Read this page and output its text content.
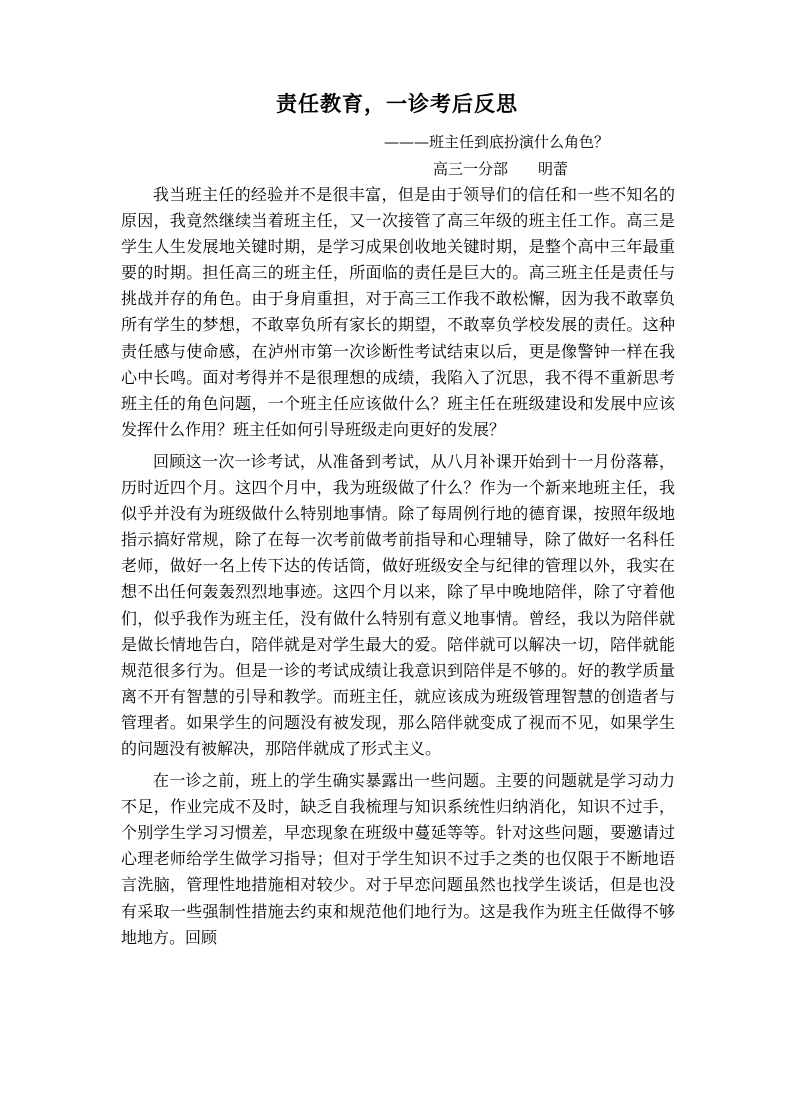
责任教育，一诊考后反思

———班主任到底扮演什么角色？

高三一分部 明蕾

我当班主任的经验并不是很丰富，但是由于领导们的信任和一些不知名的原因，我竟然继续当着班主任，又一次接管了高三年级的班主任工作。高三是学生人生发展地关键时期，是学习成果创收地关键时期，是整个高中三年最重要的时期。担任高三的班主任，所面临的责任是巨大的。高三班主任是责任与挑战并存的角色。由于身肩重担，对于高三工作我不敢松懈，因为我不敢辜负所有学生的梦想，不敢辜负所有家长的期望，不敢辜负学校发展的责任。这种责任感与使命感，在泸州市第一次诊断性考试结束以后，更是像警钟一样在我心中长鸣。面对考得并不是很理想的成绩，我陷入了沉思，我不得不重新思考班主任的角色问题，一个班主任应该做什么？班主任在班级建设和发展中应该发挥什么作用？班主任如何引导班级走向更好的发展？

回顾这一次一诊考试，从准备到考试，从八月补课开始到十一月份落幕，历时近四个月。这四个月中，我为班级做了什么？作为一个新来地班主任，我似乎并没有为班级做什么特别地事情。除了每周例行地的德育课，按照年级地指示搞好常规，除了在每一次考前做考前指导和心理辅导，除了做好一名科任老师，做好一名上传下达的传话筒，做好班级安全与纪律的管理以外，我实在想不出任何轰轰烈烈地事迹。这四个月以来，除了早中晚地陪伴，除了守着他们，似乎我作为班主任，没有做什么特别有意义地事情。曾经，我以为陪伴就是做长情地告白，陪伴就是对学生最大的爱。陪伴就可以解决一切，陪伴就能规范很多行为。但是一诊的考试成绩让我意识到陪伴是不够的。好的教学质量离不开有智慧的引导和教学。而班主任，就应该成为班级管理智慧的创造者与管理者。如果学生的问题没有被发现，那么陪伴就变成了视而不见，如果学生的问题没有被解决，那陪伴就成了形式主义。

在一诊之前，班上的学生确实暴露出一些问题。主要的问题就是学习动力不足，作业完成不及时，缺乏自我梳理与知识系统性归纳消化，知识不过手，个别学生学习习惯差，早恋现象在班级中蔓延等等。针对这些问题，要邀请过心理老师给学生做学习指导；但对于学生知识不过手之类的也仅限于不断地语言洗脑，管理性地措施相对较少。对于早恋问题虽然也找学生谈话，但是也没有采取一些强制性措施去约束和规范他们地行为。这是我作为班主任做得不够地地方。回顾
